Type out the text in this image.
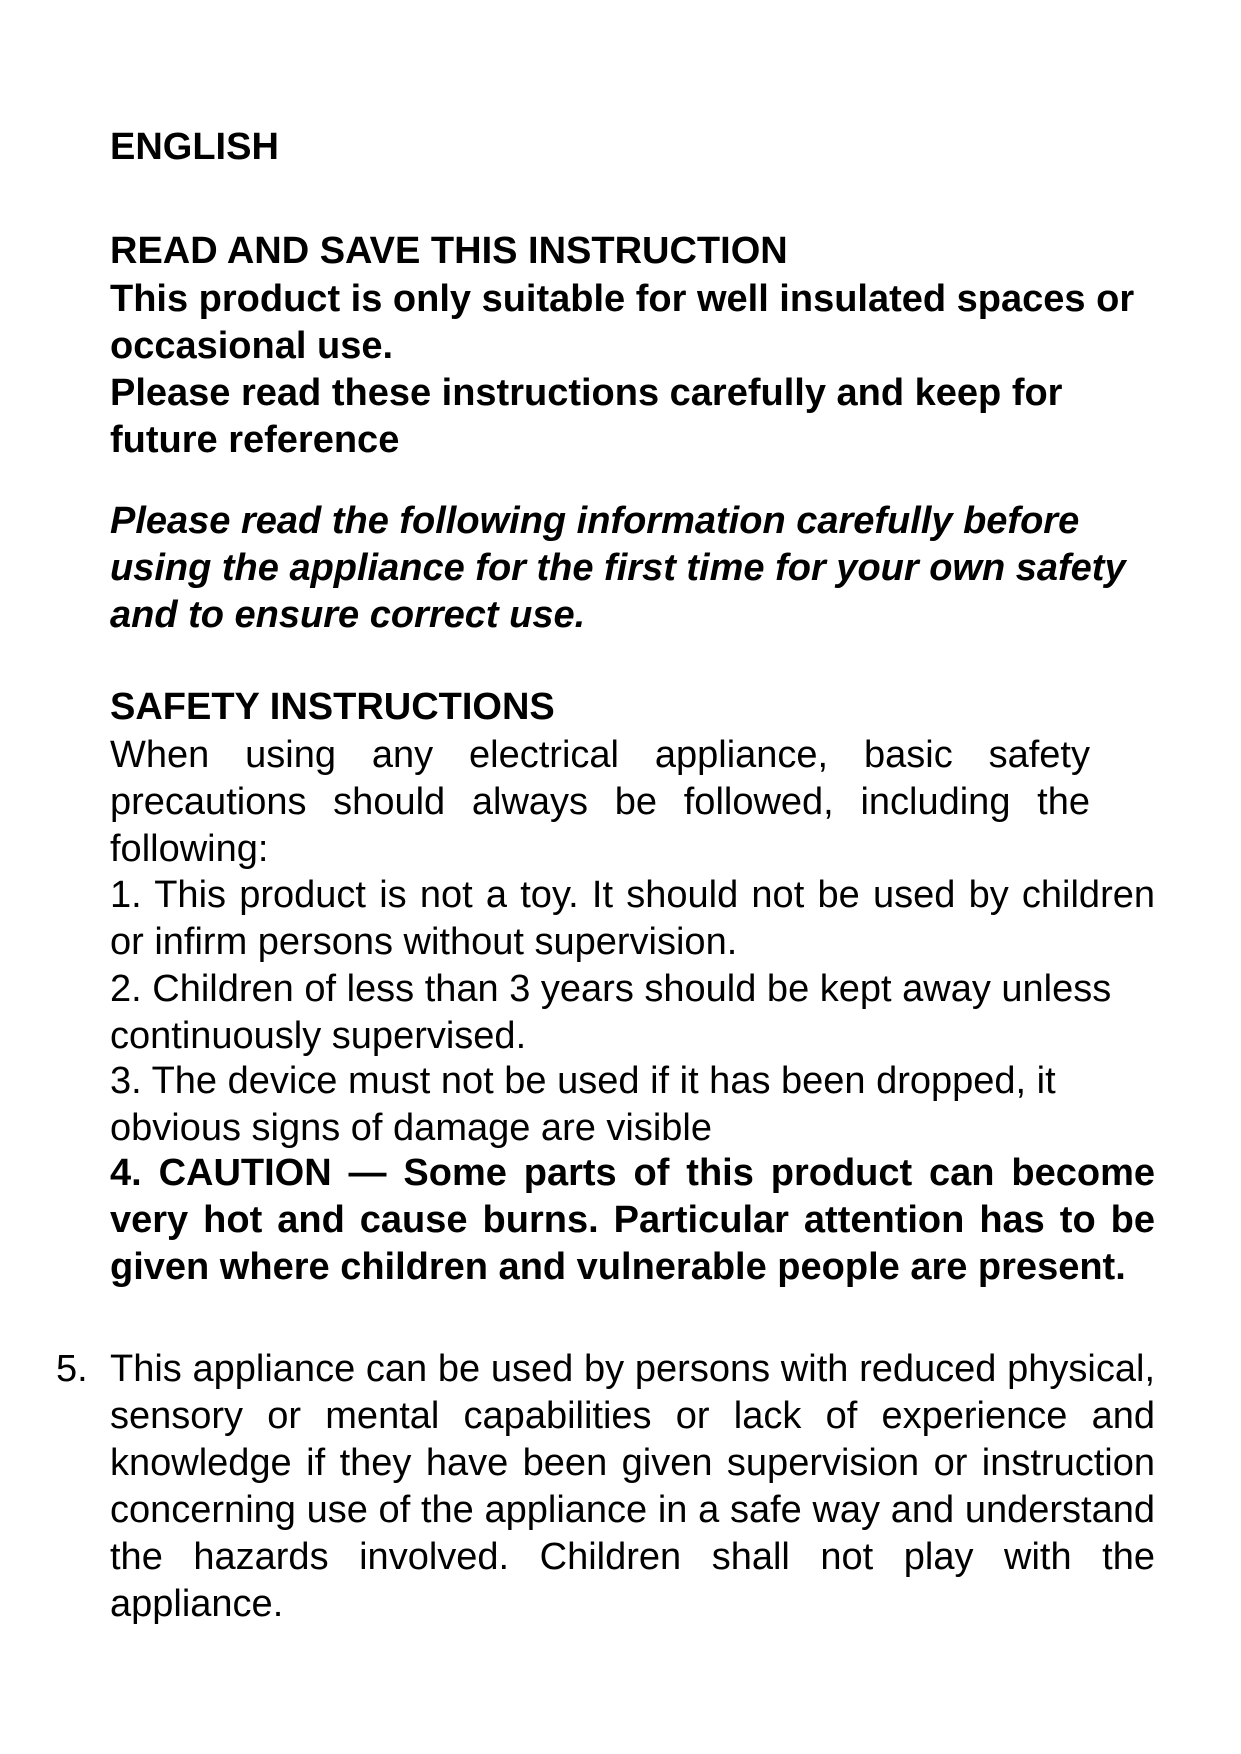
ENGLISH

READ AND SAVE THIS INSTRUCTION

This product is only suitable for well insulated spaces or occasional use.

Please read these instructions carefully and keep for future reference

Please read the following information carefully before using the appliance for the first time for your own safety and to ensure correct use.

SAFETY INSTRUCTIONS

When using any electrical appliance, basic safety precautions should always be followed, including the following:

1. This product is not a toy. It should not be used by children or infirm persons without supervision.

2. Children of less than 3 years should be kept away unless continuously supervised.

3. The device must not be used if it has been dropped, it obvious signs of damage are visible

4. CAUTION — Some parts of this product can become very hot and cause burns. Particular attention has to be given where children and vulnerable people are present.

5. This appliance can be used by persons with reduced physical, sensory or mental capabilities or lack of experience and knowledge if they have been given supervision or instruction concerning use of the appliance in a safe way and understand the hazards involved. Children shall not play with the appliance.
